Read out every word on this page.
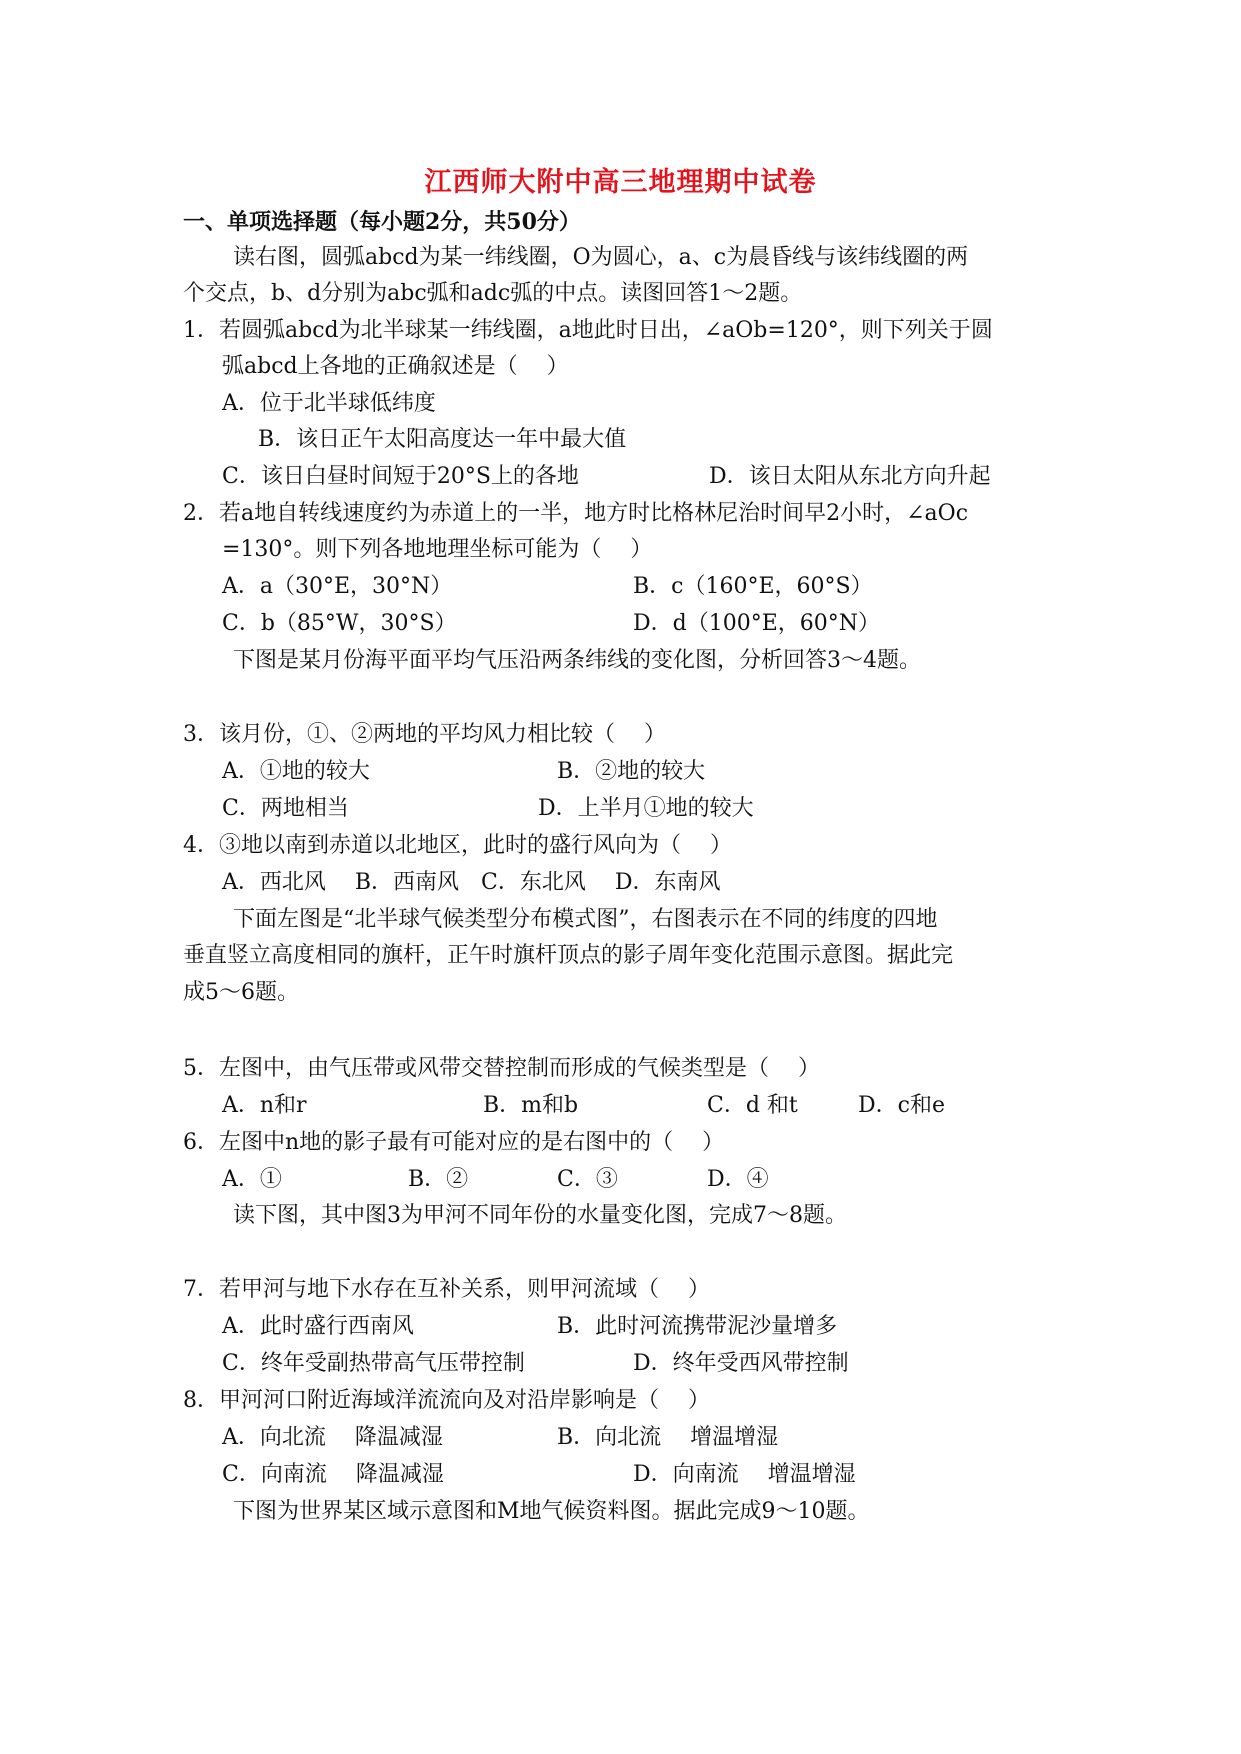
江西师大附中高三地理期中试卷
一、单项选择题（每小题2分，共50分）
读右图，圆弧abcd为某一纬线圈，O为圆心，a、c为晨昏线与该纬线圈的两
个交点，b、d分别为abc弧和adc弧的中点。读图回答1～2题。
1．若圆弧abcd为北半球某一纬线圈，a地此时日出，∠aOb=120°，则下列关于圆
弧abcd上各地的正确叙述是（　 ）
A．位于北半球低纬度
B．该日正午太阳高度达一年中最大值
C．该日白昼时间短于20°S上的各地	D．该日太阳从东北方向升起
2．若a地自转线速度约为赤道上的一半，地方时比格林尼治时间早2小时，∠aOc
=130°。则下列各地地理坐标可能为（　 ）
A．a（30°E，30°N）	B．c（160°E，60°S）
C．b（85°W，30°S）	D．d（100°E，60°N）
下图是某月份海平面平均气压沿两条纬线的变化图，分析回答3～4题。
3．该月份，①、②两地的平均风力相比较（　 ）
A．①地的较大	B．②地的较大
C．两地相当	D．上半月①地的较大
4．③地以南到赤道以北地区，此时的盛行风向为（　 ）
A．西北风　 B．西南风　C．东北风　 D．东南风
下面左图是“北半球气候类型分布模式图”，右图表示在不同的纬度的四地
垂直竖立高度相同的旗杆，正午时旗杆顶点的影子周年变化范围示意图。据此完
成5～6题。
5．左图中，由气压带或风带交替控制而形成的气候类型是（　 ）
A．n和r	B．m和b	C．d 和t	D．c和e
6．左图中n地的影子最有可能对应的是右图中的（　 ）
A．①	B．②	C．③	D．④
读下图，其中图3为甲河不同年份的水量变化图，完成7～8题。
7．若甲河与地下水存在互补关系，则甲河流域（　 ）
A．此时盛行西南风	B．此时河流携带泥沙量增多
C．终年受副热带高气压带控制	D．终年受西风带控制
8．甲河河口附近海域洋流流向及对沿岸影响是（　 ）
A．向北流　 降温减湿	B．向北流　 增温增湿
C．向南流　 降温减湿	D．向南流　 增温增湿
下图为世界某区域示意图和M地气候资料图。据此完成9～10题。
